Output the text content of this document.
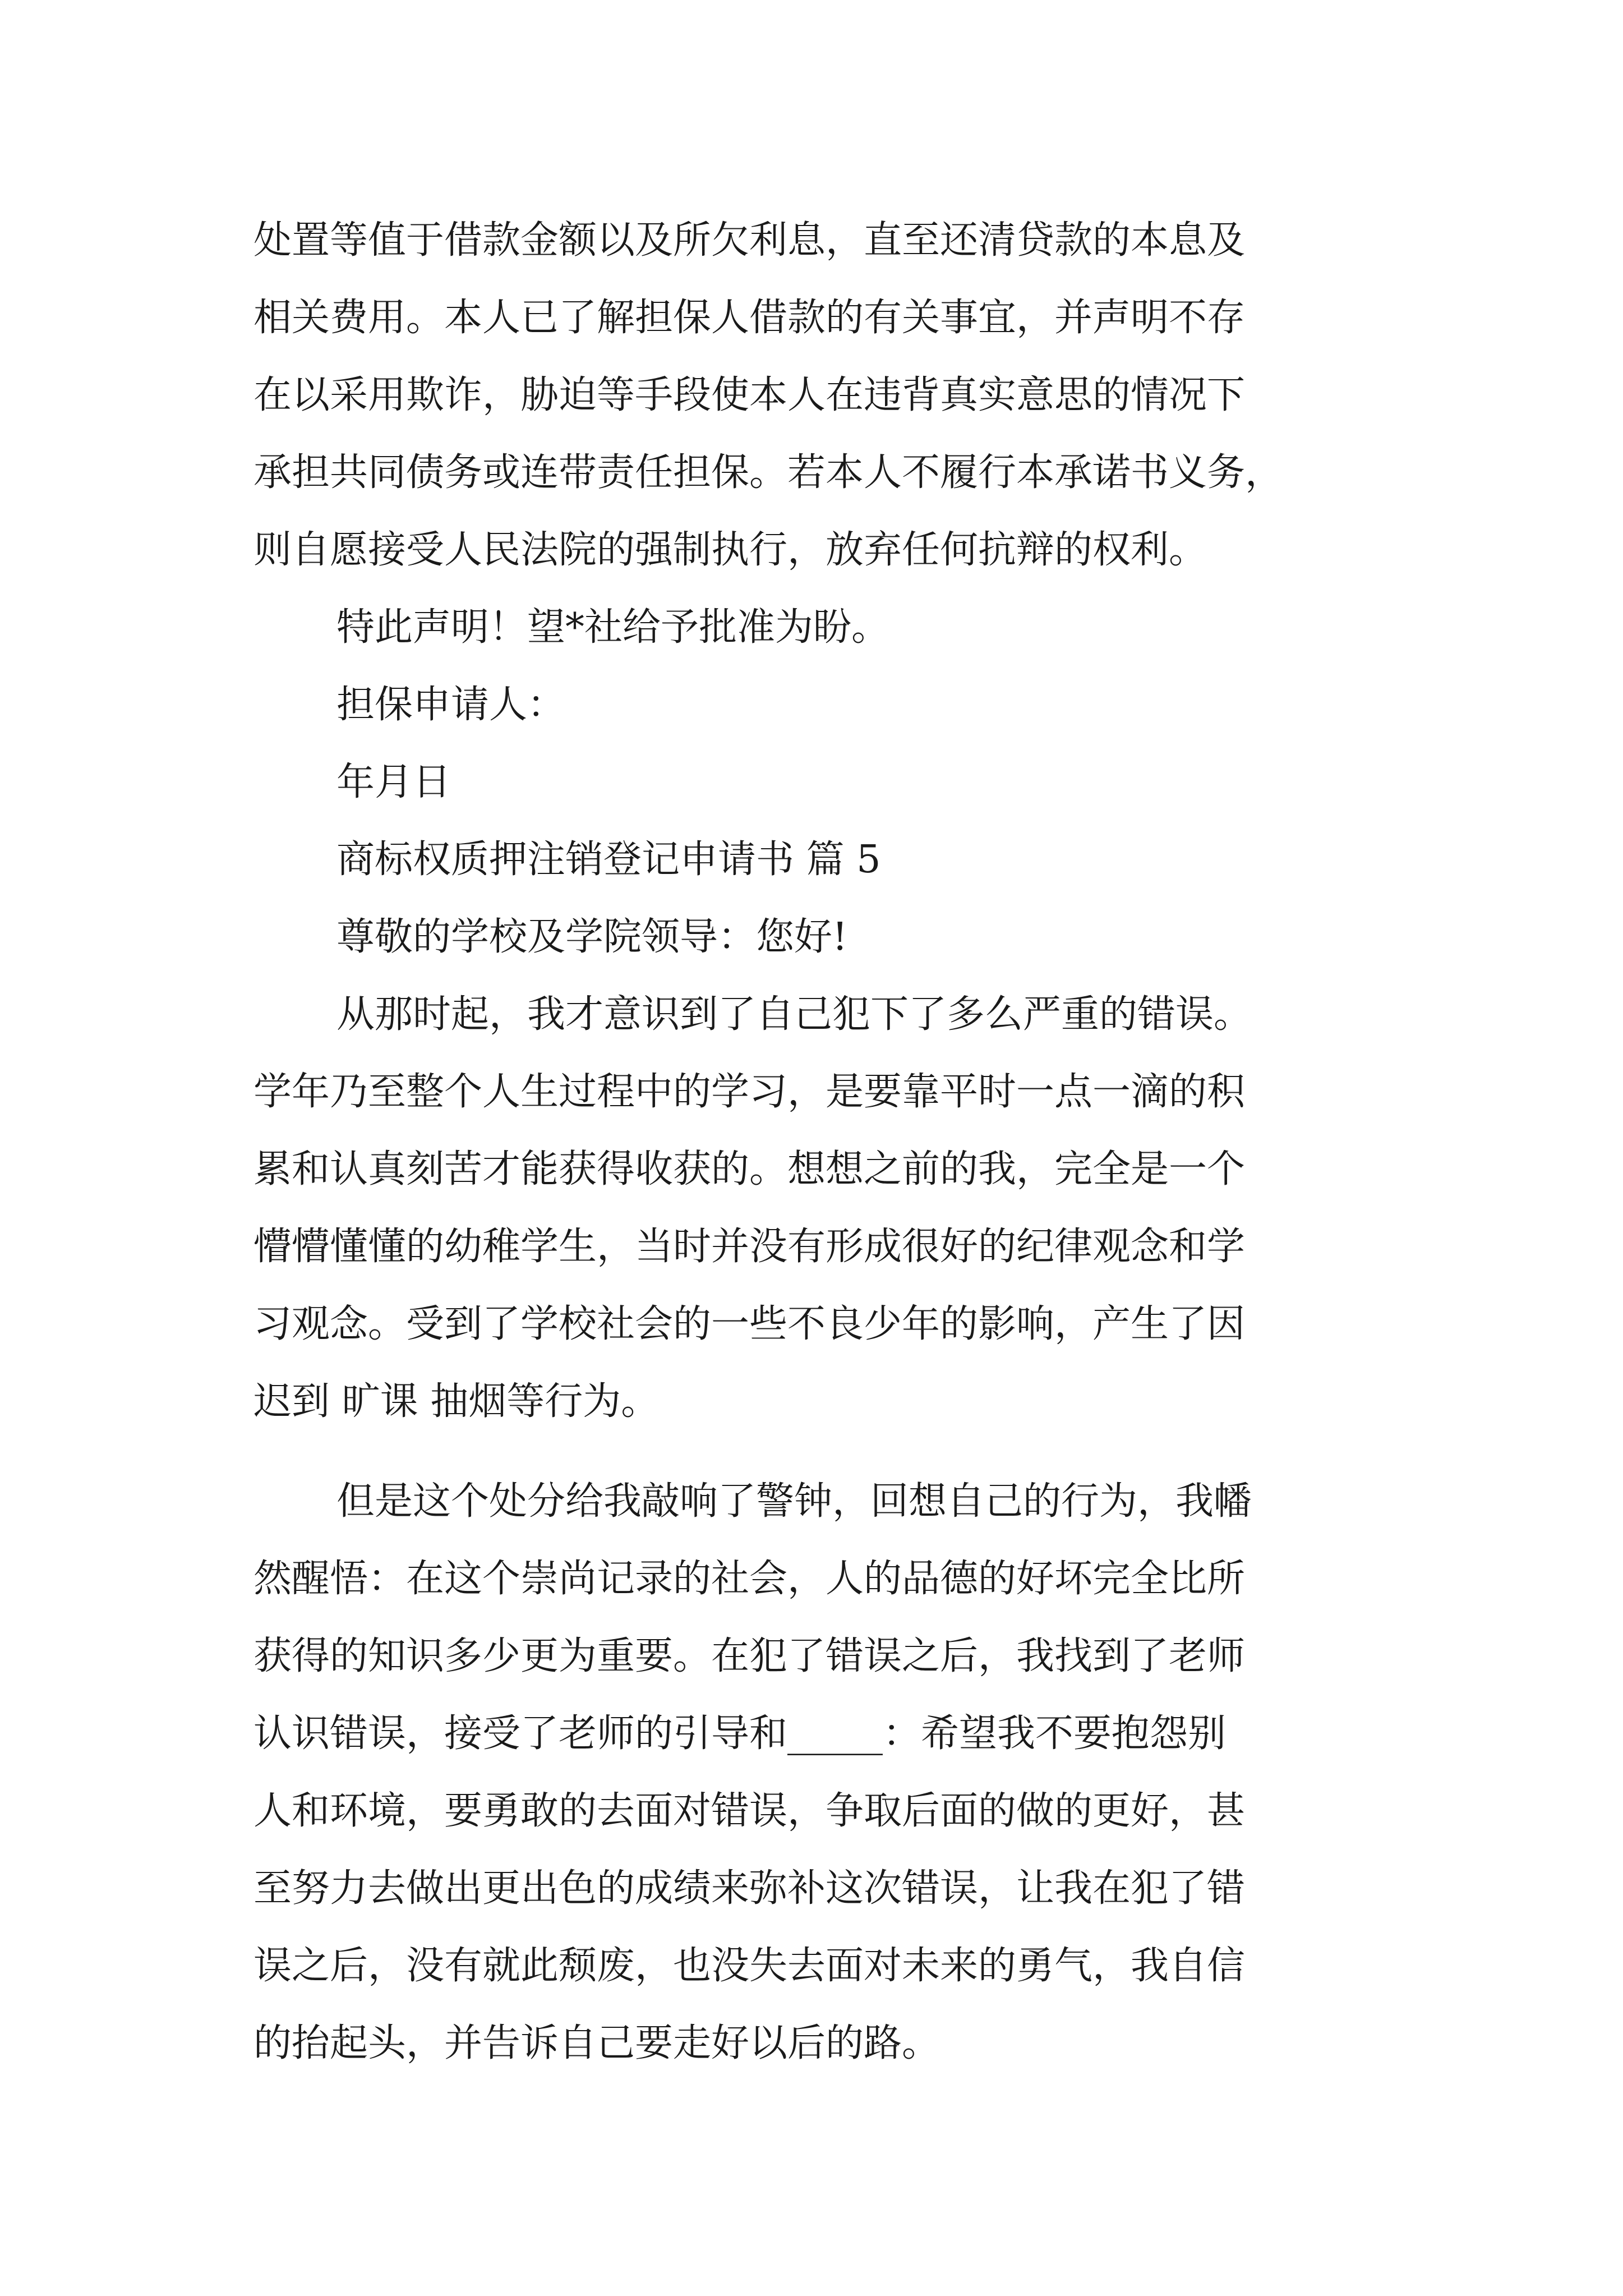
处置等值于借款金额以及所欠利息，直至还清贷款的本息及
相关费用。本人已了解担保人借款的有关事宜，并声明不存
在以采用欺诈，胁迫等手段使本人在违背真实意思的情况下
承担共同债务或连带责任担保。若本人不履行本承诺书义务，
则自愿接受人民法院的强制执行，放弃任何抗辩的权利。
特此声明！望*社给予批准为盼。
担保申请人：
年月日
商标权质押注销登记申请书 篇 5
尊敬的学校及学院领导：您好!
从那时起，我才意识到了自己犯下了多么严重的错误。
学年乃至整个人生过程中的学习，是要靠平时一点一滴的积
累和认真刻苦才能获得收获的。想想之前的我，完全是一个
懵懵懂懂的幼稚学生，当时并没有形成很好的纪律观念和学
习观念。受到了学校社会的一些不良少年的影响，产生了因
迟到 旷课 抽烟等行为。
但是这个处分给我敲响了警钟，回想自己的行为，我幡
然醒悟：在这个崇尚记录的社会，人的品德的好坏完全比所
获得的知识多少更为重要。在犯了错误之后，我找到了老师
认识错误，接受了老师的引导和_____：希望我不要抱怨别
人和环境，要勇敢的去面对错误，争取后面的做的更好，甚
至努力去做出更出色的成绩来弥补这次错误，让我在犯了错
误之后，没有就此颓废，也没失去面对未来的勇气，我自信
的抬起头，并告诉自己要走好以后的路。
